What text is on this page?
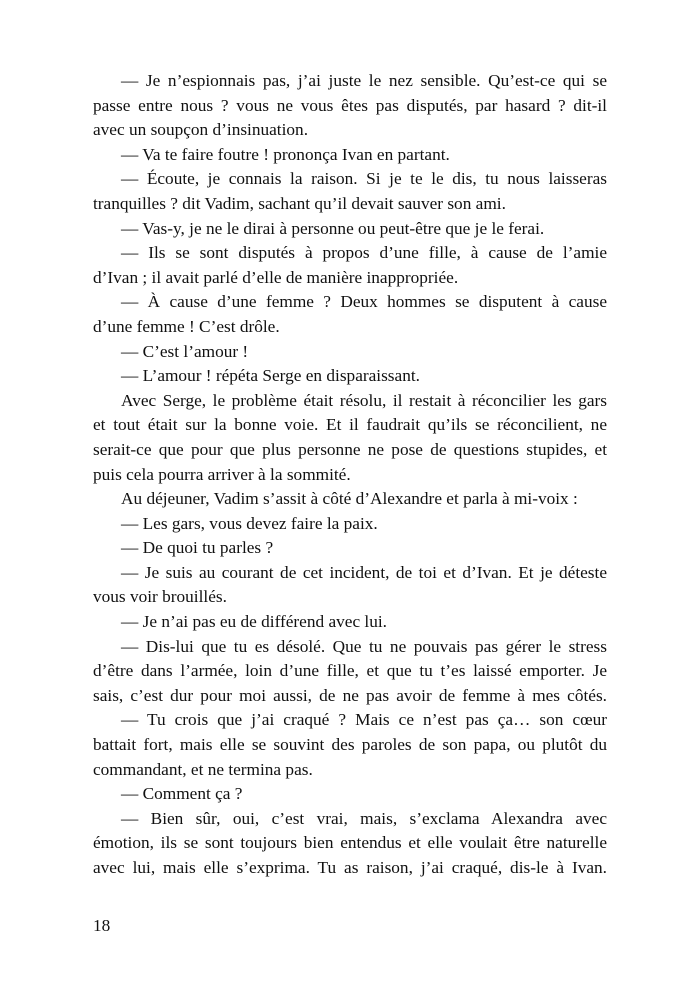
— Je n’espionnais pas, j’ai juste le nez sensible. Qu’est-ce qui se
passe entre nous ? vous ne vous êtes pas disputés, par hasard ? dit-il
avec un soupçon d’insinuation.
— Va te faire foutre ! prononça Ivan en partant.
— Écoute, je connais la raison. Si je te le dis, tu nous laisseras
tranquilles ? dit Vadim, sachant qu’il devait sauver son ami.
— Vas-y, je ne le dirai à personne ou peut-être que je le ferai.
— Ils se sont disputés à propos d’une fille, à cause de l’amie
d’Ivan ; il avait parlé d’elle de manière inappropriée.
— À cause d’une femme ? Deux hommes se disputent à cause
d’une femme ! C’est drôle.
— C’est l’amour !
— L’amour ! répéta Serge en disparaissant.
Avec Serge, le problème était résolu, il restait à réconcilier les gars
et tout était sur la bonne voie. Et il faudrait qu’ils se réconcilient, ne
serait-ce que pour que plus personne ne pose de questions stupides, et
puis cela pourra arriver à la sommité.
Au déjeuner, Vadim s’assit à côté d’Alexandre et parla à mi-voix :
— Les gars, vous devez faire la paix.
— De quoi tu parles ?
— Je suis au courant de cet incident, de toi et d’Ivan. Et je déteste
vous voir brouillés.
— Je n’ai pas eu de différend avec lui.
— Dis-lui que tu es désolé. Que tu ne pouvais pas gérer le stress
d’être dans l’armée, loin d’une fille, et que tu t’es laissé emporter. Je
sais, c’est dur pour moi aussi, de ne pas avoir de femme à mes côtés.
— Tu crois que j’ai craqué ? Mais ce n’est pas ça… son cœur
battait fort, mais elle se souvint des paroles de son papa, ou plutôt du
commandant, et ne termina pas.
— Comment ça ?
— Bien sûr, oui, c’est vrai, mais, s’exclama Alexandra avec
émotion, ils se sont toujours bien entendus et elle voulait être naturelle
avec lui, mais elle s’exprima. Tu as raison, j’ai craqué, dis-le à Ivan.
18
